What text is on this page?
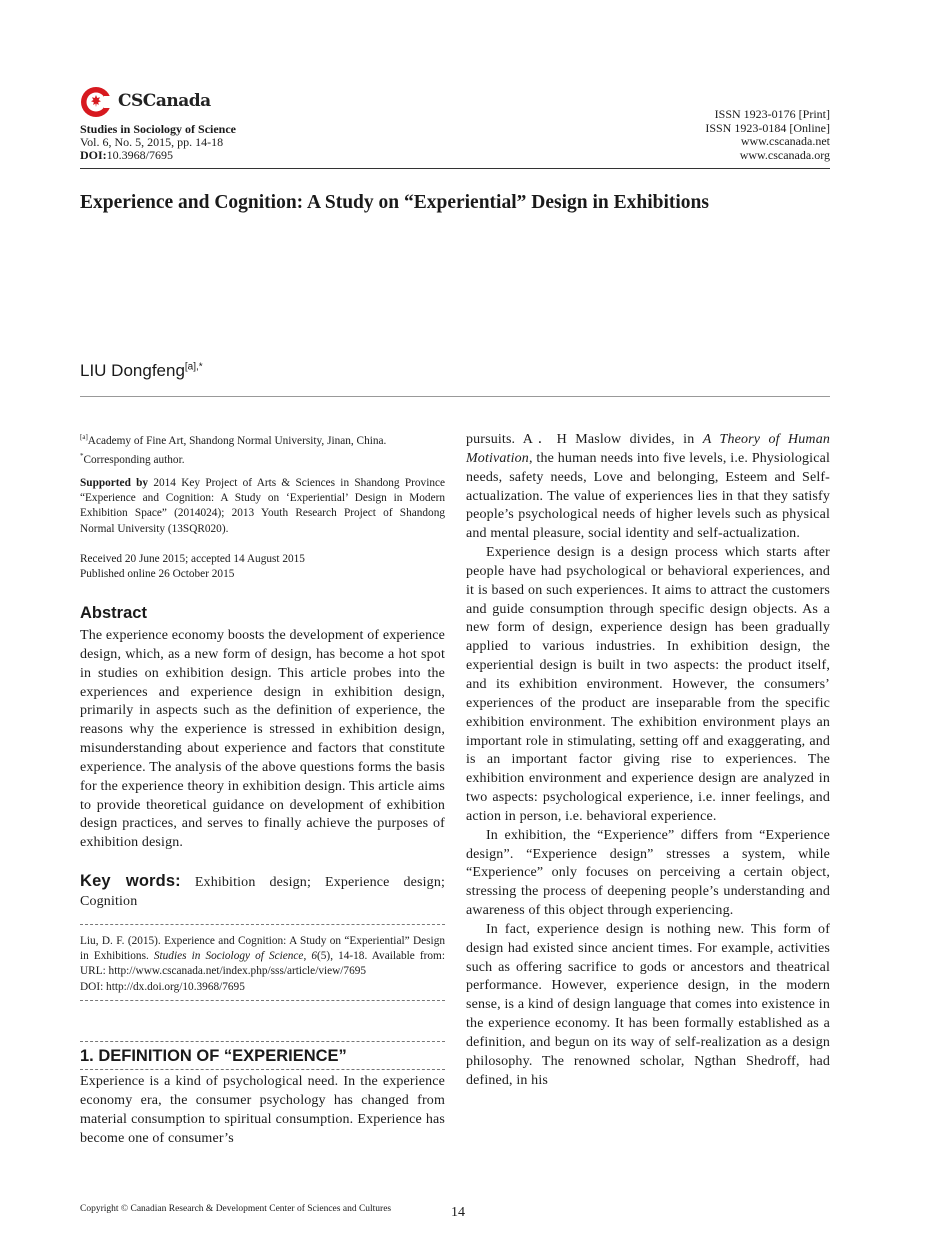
CSCanada
Studies in Sociology of Science
Vol. 6, No. 5, 2015, pp. 14-18
DOI:10.3968/7695
ISSN 1923-0176 [Print]
ISSN 1923-0184 [Online]
www.cscanada.net
www.cscanada.org
Experience and Cognition: A Study on “Experiential” Design in Exhibitions
LIU Dongfeng$^{[a],*}$
[a]Academy of Fine Art, Shandong Normal University, Jinan, China.
*Corresponding author.
Supported by 2014 Key Project of Arts & Sciences in Shandong Province “Experience and Cognition: A Study on ‘Experiential’ Design in Modern Exhibition Space” (2014024); 2013 Youth Research Project of Shandong Normal University (13SQR020).
Received 20 June 2015; accepted 14 August 2015
Published online 26 October 2015
Abstract
The experience economy boosts the development of experience design, which, as a new form of design, has become a hot spot in studies on exhibition design. This article probes into the experiences and experience design in exhibition design, primarily in aspects such as the definition of experience, the reasons why the experience is stressed in exhibition design, misunderstanding about experience and factors that constitute experience. The analysis of the above questions forms the basis for the experience theory in exhibition design. This article aims to provide theoretical guidance on development of exhibition design practices, and serves to finally achieve the purposes of exhibition design.
Key words: Exhibition design; Experience design; Cognition
Liu, D. F. (2015). Experience and Cognition: A Study on “Experiential” Design in Exhibitions. Studies in Sociology of Science, 6(5), 14-18. Available from: URL: http://www.cscanada.net/index.php/sss/article/view/7695
DOI: http://dx.doi.org/10.3968/7695
1. DEFINITION OF “EXPERIENCE”
Experience is a kind of psychological need. In the experience economy era, the consumer psychology has changed from material consumption to spiritual consumption. Experience has become one of consumer’s

pursuits. A．H Maslow divides, in A Theory of Human Motivation, the human needs into five levels, i.e. Physiological needs, safety needs, Love and belonging, Esteem and Self-actualization. The value of experiences lies in that they satisfy people’s psychological needs of higher levels such as physical and mental pleasure, social identity and self-actualization.

Experience design is a design process which starts after people have had psychological or behavioral experiences, and it is based on such experiences. It aims to attract the customers and guide consumption through specific design objects. As a new form of design, experience design has been gradually applied to various industries. In exhibition design, the experiential design is built in two aspects: the product itself, and its exhibition environment. However, the consumers’ experiences of the product are inseparable from the specific exhibition environment. The exhibition environment plays an important role in stimulating, setting off and exaggerating, and is an important factor giving rise to experiences. The exhibition environment and experience design are analyzed in two aspects: psychological experience, i.e. inner feelings, and action in person, i.e. behavioral experience.

In exhibition, the “Experience” differs from “Experience design”. “Experience design” stresses a system, while “Experience” only focuses on perceiving a certain object, stressing the process of deepening people’s understanding and awareness of this object through experiencing.

In fact, experience design is nothing new. This form of design had existed since ancient times. For example, activities such as offering sacrifice to gods or ancestors and theatrical performance. However, experience design, in the modern sense, is a kind of design language that comes into existence in the experience economy. It has been formally established as a definition, and begun on its way of self-realization as a design philosophy. The renowned scholar, Ngthan Shedroff, had defined, in his

Copyright © Canadian Research & Development Center of Sciences and Cultures	14
